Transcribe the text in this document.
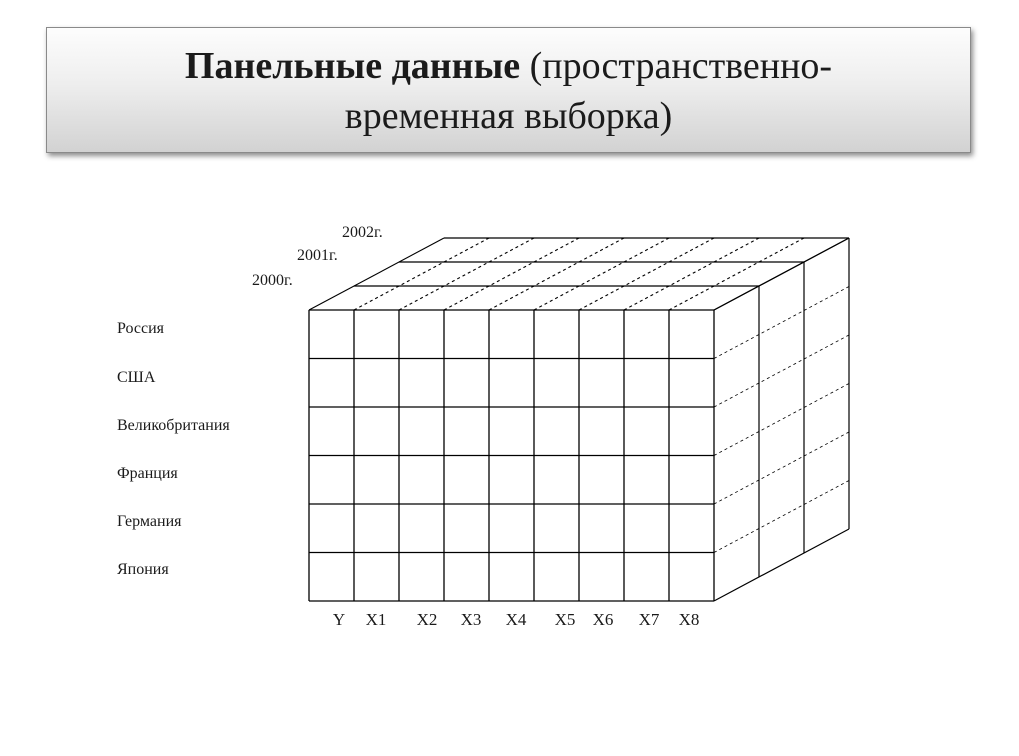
Панельные данные (пространственно-
временная выборка)
2000г.
2001г.
2002г.
Россия
США
Великобритания
Франция
Германия
Япония
Y X1 X2 X3 X4 X5 X6 X7 X8
